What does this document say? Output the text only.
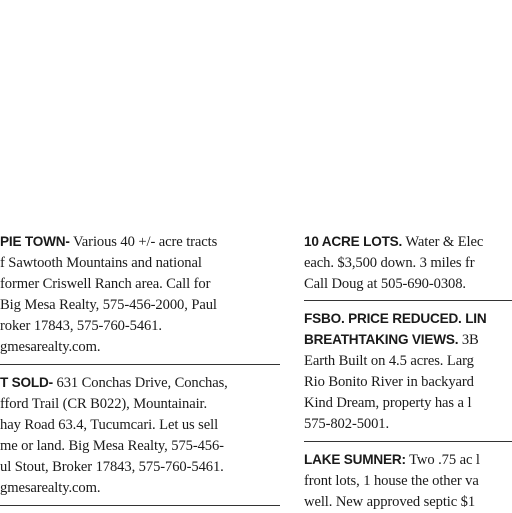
PIE TOWN- Various 40 +/- acre tracts
f Sawtooth Mountains and national
former Criswell Ranch area. Call for
Big Mesa Realty, 575-456-2000, Paul
roker 17843, 575-760-5461.
gmesarealty.com.
T SOLD- 631 Conchas Drive, Conchas,
fford Trail (CR B022), Mountainair.
hay Road 63.4, Tucumcari. Let us sell
me or land. Big Mesa Realty, 575-456-
ul Stout, Broker 17843, 575-760-5461.
gmesarealty.com.
10 ACRE LOTS. Water & Elec
each. $3,500 down. 3 miles fr
Call Doug at 505-690-0308.
FSBO. PRICE REDUCED. LIN
BREATHTAKING VIEWS. 3B
Earth Built on 4.5 acres. Larg
Rio Bonito River in backyard
Kind Dream, property has a l
575-802-5001.
LAKE SUMNER: Two .75 ac l
front lots, 1 house the other va
well. New approved septic $1
